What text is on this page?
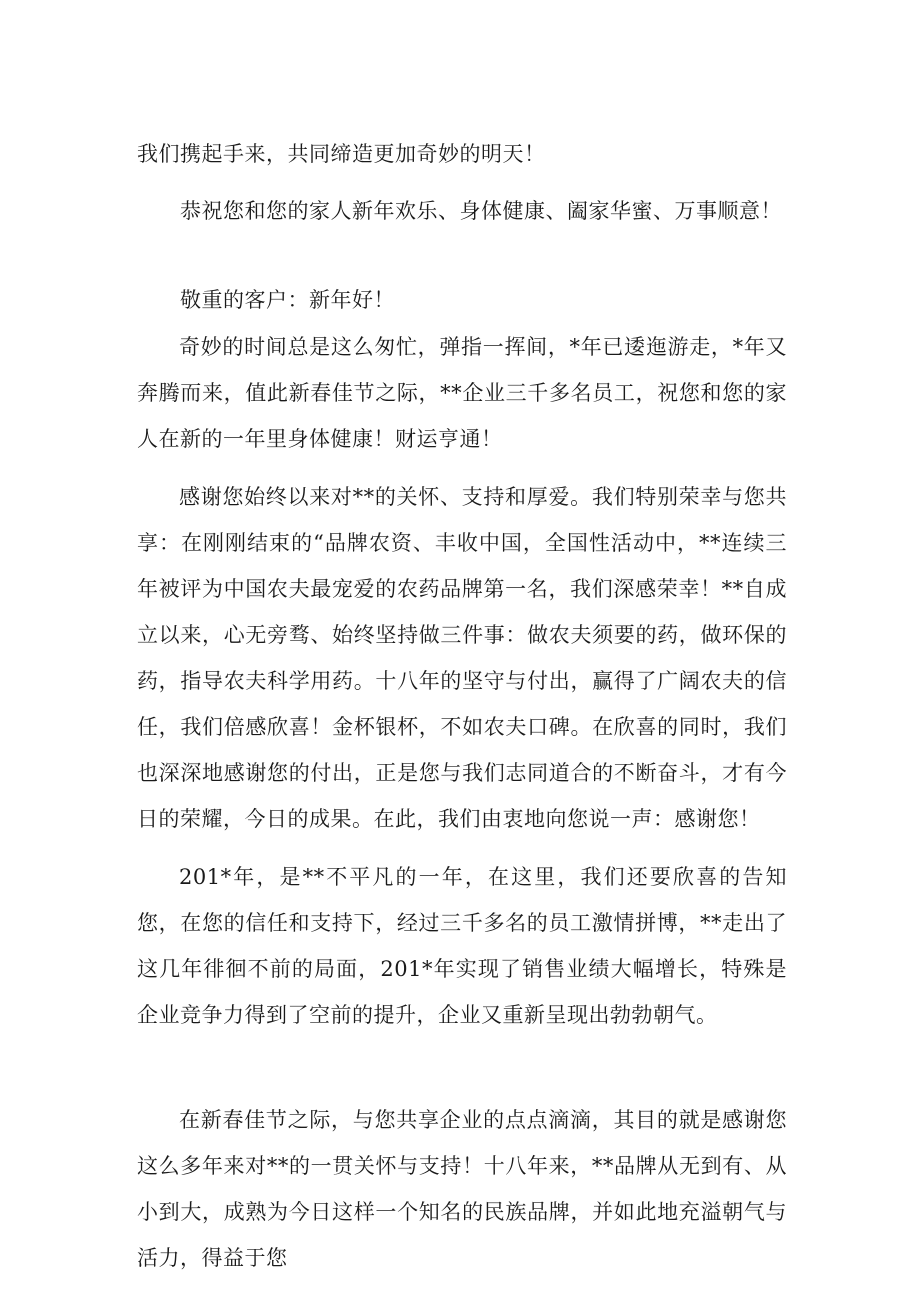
我们携起手来，共同缔造更加奇妙的明天！

恭祝您和您的家人新年欢乐、身体健康、阖家华蜜、万事顺意！

敬重的客户：新年好！

奇妙的时间总是这么匆忙，弹指一挥间，*年已逶迤游走，*年又奔腾而来，值此新春佳节之际，**企业三千多名员工，祝您和您的家人在新的一年里身体健康！财运亨通！

感谢您始终以来对**的关怀、支持和厚爱。我们特别荣幸与您共享：在刚刚结束的“品牌农资、丰收中国，全国性活动中，**连续三年被评为中国农夫最宠爱的农药品牌第一名，我们深感荣幸！**自成立以来，心无旁骛、始终坚持做三件事：做农夫须要的药，做环保的药，指导农夫科学用药。十八年的坚守与付出，赢得了广阔农夫的信任，我们倍感欣喜！金杯银杯，不如农夫口碑。在欣喜的同时，我们也深深地感谢您的付出，正是您与我们志同道合的不断奋斗，才有今日的荣耀，今日的成果。在此，我们由衷地向您说一声：感谢您！

201*年，是**不平凡的一年，在这里，我们还要欣喜的告知您，在您的信任和支持下，经过三千多名的员工激情拼博，**走出了这几年徘徊不前的局面，201*年实现了销售业绩大幅增长，特殊是企业竞争力得到了空前的提升，企业又重新呈现出勃勃朝气。

在新春佳节之际，与您共享企业的点点滴滴，其目的就是感谢您这么多年来对**的一贯关怀与支持！十八年来，**品牌从无到有、从小到大，成熟为今日这样一个知名的民族品牌，并如此地充溢朝气与活力，得益于您
